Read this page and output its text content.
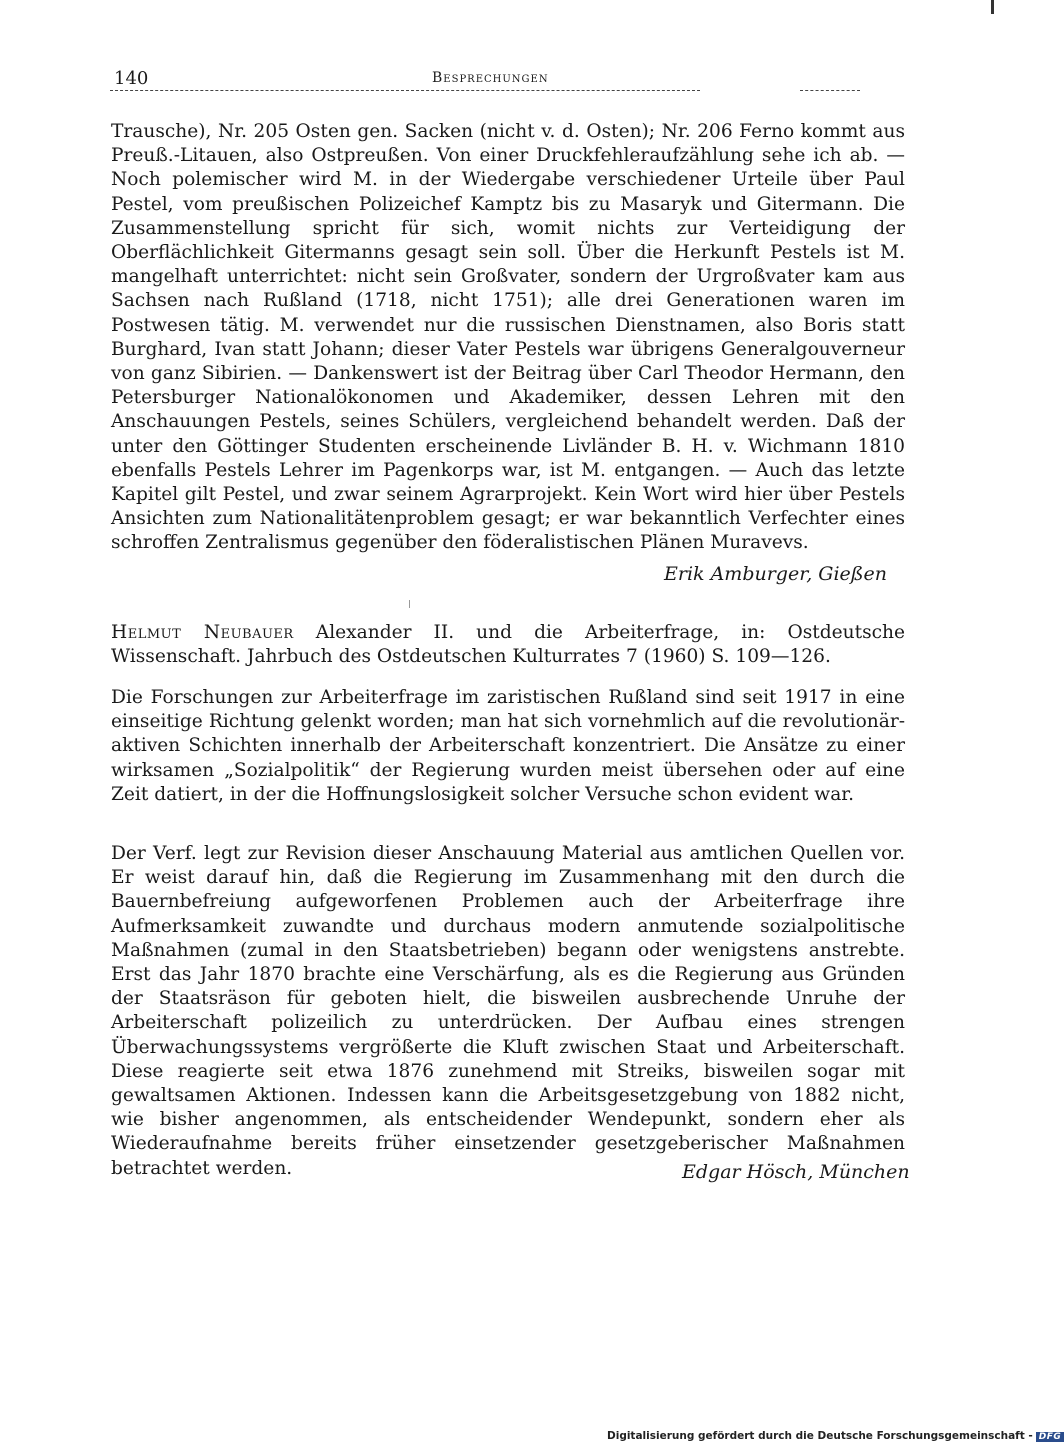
140	Besprechungen

Trausche), Nr. 205 Osten gen. Sacken (nicht v. d. Osten); Nr. 206 Ferno kommt aus Preuß.-Litauen, also Ostpreußen. Von einer Druckfehleraufzählung sehe ich ab. — Noch polemischer wird M. in der Wiedergabe verschiedener Urteile über Paul Pestel, vom preußischen Polizeichef Kamptz bis zu Masaryk und Gitermann. Die Zusammenstellung spricht für sich, womit nichts zur Verteidigung der Oberflächlichkeit Gitermanns gesagt sein soll. Über die Herkunft Pestels ist M. mangelhaft unterrichtet: nicht sein Großvater, sondern der Urgroßvater kam aus Sachsen nach Rußland (1718, nicht 1751); alle drei Generationen waren im Postwesen tätig. M. verwendet nur die russischen Dienstnamen, also Boris statt Burghard, Ivan statt Johann; dieser Vater Pestels war übrigens Generalgouverneur von ganz Sibirien. — Dankenswert ist der Beitrag über Carl Theodor Hermann, den Petersburger Nationalökonomen und Akademiker, dessen Lehren mit den Anschauungen Pestels, seines Schülers, vergleichend behandelt werden. Daß der unter den Göttinger Studenten erscheinende Livländer B. H. v. Wichmann 1810 ebenfalls Pestels Lehrer im Pagenkorps war, ist M. entgangen. — Auch das letzte Kapitel gilt Pestel, und zwar seinem Agrarprojekt. Kein Wort wird hier über Pestels Ansichten zum Nationalitätenproblem gesagt; er war bekanntlich Verfechter eines schroffen Zentralismus gegenüber den föderalistischen Plänen Muravevs.

Erik Amburger, Gießen
Helmut Neubauer Alexander II. und die Arbeiterfrage, in: Ostdeutsche Wissenschaft. Jahrbuch des Ostdeutschen Kulturrates 7 (1960) S. 109—126.

Die Forschungen zur Arbeiterfrage im zaristischen Rußland sind seit 1917 in eine einseitige Richtung gelenkt worden; man hat sich vornehmlich auf die revolutionär-aktiven Schichten innerhalb der Arbeiterschaft konzentriert. Die Ansätze zu einer wirksamen „Sozialpolitik“ der Regierung wurden meist übersehen oder auf eine Zeit datiert, in der die Hoffnungslosigkeit solcher Versuche schon evident war.

Der Verf. legt zur Revision dieser Anschauung Material aus amtlichen Quellen vor. Er weist darauf hin, daß die Regierung im Zusammenhang mit den durch die Bauernbefreiung aufgeworfenen Problemen auch der Arbeiterfrage ihre Aufmerksamkeit zuwandte und durchaus modern anmutende sozialpolitische Maßnahmen (zumal in den Staatsbetrieben) begann oder wenigstens anstrebte. Erst das Jahr 1870 brachte eine Verschärfung, als es die Regierung aus Gründen der Staatsräson für geboten hielt, die bisweilen ausbrechende Unruhe der Arbeiterschaft polizeilich zu unterdrücken. Der Aufbau eines strengen Überwachungssystems vergrößerte die Kluft zwischen Staat und Arbeiterschaft. Diese reagierte seit etwa 1876 zunehmend mit Streiks, bisweilen sogar mit gewaltsamen Aktionen. Indessen kann die Arbeitsgesetzgebung von 1882 nicht, wie bisher angenommen, als entscheidender Wendepunkt, sondern eher als Wiederaufnahme bereits früher einsetzender gesetzgeberischer Maßnahmen betrachtet werden.	Edgar Hösch, München
Digitalisierung gefördert durch die Deutsche Forschungsgemeinschaft - DFG
